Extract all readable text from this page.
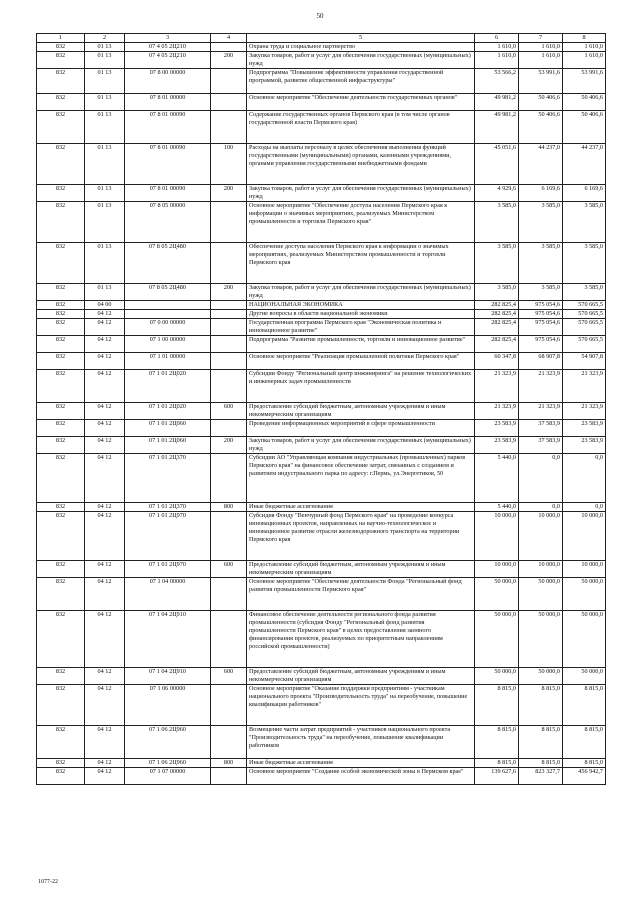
50
1	2	3	4	5	6	7	8
832	01 13	07 4 05 2Ц210		Охрана труда и социальное партнерство	1 610,0	1 610,0	1 610,0
832	01 13	07 4 05 2Ц210	200	Закупка товаров, работ и услуг для обеспечения государственных (муниципальных) нужд	1 610,0	1 610,0	1 610,0
832	01 13	07 8 00 00000		Подпрограмма "Повышение эффективности управления государственной программой, развитие общественной инфраструктуры"	53 566,2	53 991,6	53 991,6
832	01 13	07 8 01 00000		Основное мероприятие "Обеспечение деятельности государственных органов"	49 981,2	50 406,6	50 406,6
832	01 13	07 8 01 00090		Содержание государственных органов Пермского края (в том числе органов государственной власти Пермского края)	49 981,2	50 406,6	50 406,6
832	01 13	07 8 01 00090	100	Расходы на выплаты персоналу в целях обеспечения выполнения функций государственными (муниципальными) органами, казенными учреждениями, органами управления государственными внебюджетными фондами	45 051,6	44 237,0	44 237,0
832	01 13	07 8 01 00090	200	Закупка товаров, работ и услуг для обеспечения государственных (муниципальных) нужд	4 929,6	6 169,6	6 169,6
832	01 13	07 8 05 00000		Основное мероприятие "Обеспечение доступа населения Пермского края к информации о значимых мероприятиях, реализуемых Министерством промышленности и торговли Пермского края"	3 585,0	3 585,0	3 585,0
832	01 13	07 8 05 2Ц480		Обеспечение доступа населения Пермского края к информации о значимых мероприятиях, реализуемых Министерством промышленности и торговли Пермского края	3 585,0	3 585,0	3 585,0
832	01 13	07 8 05 2Ц480	200	Закупка товаров, работ и услуг для обеспечения государственных (муниципальных) нужд	3 585,0	3 585,0	3 585,0
832	04 00			НАЦИОНАЛЬНАЯ ЭКОНОМИКА	282 825,4	975 054,6	570 665,5
832	04 12			Другие вопросы в области национальной экономики	282 825,4	975 054,6	570 665,5
832	04 12	07 0 00 00000		Государственная программа Пермского края "Экономическая политика и инновационное развитие"	282 825,4	975 054,6	570 665,5
832	04 12	07 1 00 00000		Подпрограмма "Развитие промышленности, торговли и инновационное развитие"	282 825,4	975 054,6	570 665,5
832	04 12	07 1 01 00000		Основное мероприятие "Реализация промышленной политики Пермского края"	60 347,8	68 907,8	54 907,8
832	04 12	07 1 01 2Ц020		Субсидии Фонду "Региональный центр инжиниринга" на решение технологических и инженерных задач промышленности	21 323,9	21 323,9	21 323,9
832	04 12	07 1 01 2Ц020	600	Предоставление субсидий бюджетным, автономным учреждениям и иным некоммерческим организациям	21 323,9	21 323,9	21 323,9
832	04 12	07 1 01 2Ц060		Проведение информационных мероприятий в сфере промышленности	23 583,9	37 583,9	23 583,9
832	04 12	07 1 01 2Ц060	200	Закупка товаров, работ и услуг для обеспечения государственных (муниципальных) нужд	23 583,9	37 583,9	23 583,9
832	04 12	07 1 01 2Ц370		Субсидии АО "Управляющая компания индустриальных (промышленных) парков Пермского края" на финансовое обеспечение затрат, связанных с созданием и развитием индустриального парка по адресу: г.Пермь, ул.Энергетиков, 50	5 440,0	0,0	0,0
832	04 12	07 1 01 2Ц370	800	Иные бюджетные ассигнования	5 440,0	0,0	0,0
832	04 12	07 1 01 2Ц970		Субсидия Фонду "Венчурный фонд Пермского края" на проведение конкурса инновационных проектов, направленных на научно-технологическое и инновационное развитие отрасли железнодорожного транспорта на территории Пермского края	10 000,0	10 000,0	10 000,0
832	04 12	07 1 01 2Ц970	600	Предоставление субсидий бюджетным, автономным учреждениям и иным некоммерческим организациям	10 000,0	10 000,0	10 000,0
832	04 12	07 1 04 00000		Основное мероприятие "Обеспечение деятельности Фонда "Региональный фонд развития промышленности Пермского края"	50 000,0	50 000,0	50 000,0
832	04 12	07 1 04 2Ц910		Финансовое обеспечение деятельности регионального фонда развития промышленности (субсидия Фонду "Региональный фонд развития промышленности Пермского края" в целях предоставления заемного финансирования проектов, реализуемых по приоритетным направлениям российской промышленности)	50 000,0	50 000,0	50 000,0
832	04 12	07 1 04 2Ц910	600	Предоставление субсидий бюджетным, автономным учреждениям и иным некоммерческим организациям	50 000,0	50 000,0	50 000,0
832	04 12	07 1 06 00000		Основное мероприятие "Оказание поддержки предприятиям - участникам национального проекта "Производительность труда" на переобучение, повышение квалификации работников"	8 815,0	8 815,0	8 815,0
832	04 12	07 1 06 2Ц960		Возмещение части затрат предприятий - участников национального проекта "Производительность труда" на переобучение, повышение квалификации работников	8 815,0	8 815,0	8 815,0
832	04 12	07 1 06 2Ц960	800	Иные бюджетные ассигнования	8 815,0	8 815,0	8 815,0
832	04 12	07 1 07 00000		Основное мероприятие "Создание особой экономической зоны в Пермском крае"	139 627,6	823 327,7	456 942,7
1077-22
